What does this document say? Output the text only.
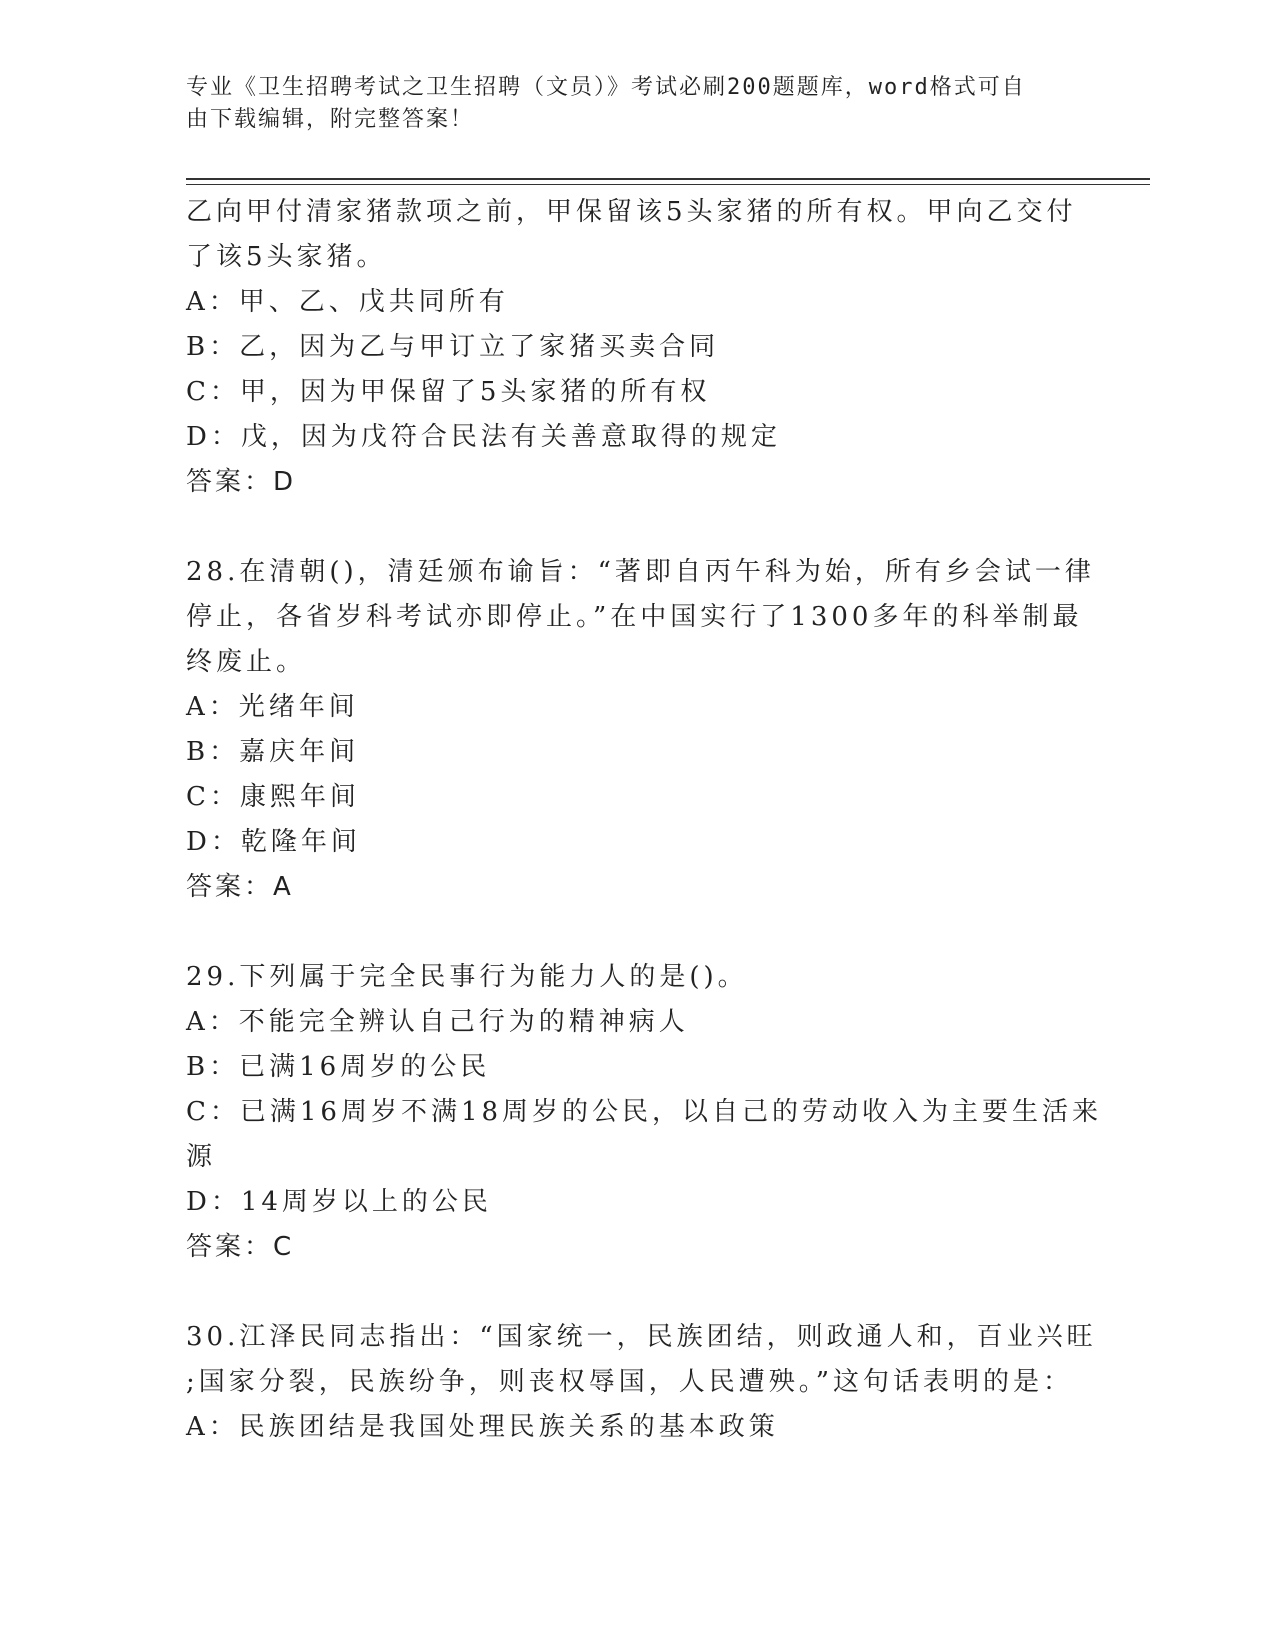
专业《卫生招聘考试之卫生招聘（文员）》考试必刷200题题库，word格式可自
由下载编辑，附完整答案！
乙向甲付清家猪款项之前，甲保留该5头家猪的所有权。甲向乙交付
了该5头家猪。
A：甲、乙、戊共同所有
B：乙，因为乙与甲订立了家猪买卖合同
C：甲，因为甲保留了5头家猪的所有权
D：戊，因为戊符合民法有关善意取得的规定
答案：D
28.在清朝()，清廷颁布谕旨：“著即自丙午科为始，所有乡会试一律
停止，各省岁科考试亦即停止。”在中国实行了1300多年的科举制最
终废止。
A：光绪年间
B：嘉庆年间
C：康熙年间
D：乾隆年间
答案：A
29.下列属于完全民事行为能力人的是()。
A：不能完全辨认自己行为的精神病人
B：已满16周岁的公民
C：已满16周岁不满18周岁的公民，以自己的劳动收入为主要生活来
源
D：14周岁以上的公民
答案：C
30.江泽民同志指出：“国家统一，民族团结，则政通人和，百业兴旺
;国家分裂，民族纷争，则丧权辱国，人民遭殃。”这句话表明的是：
A：民族团结是我国处理民族关系的基本政策
